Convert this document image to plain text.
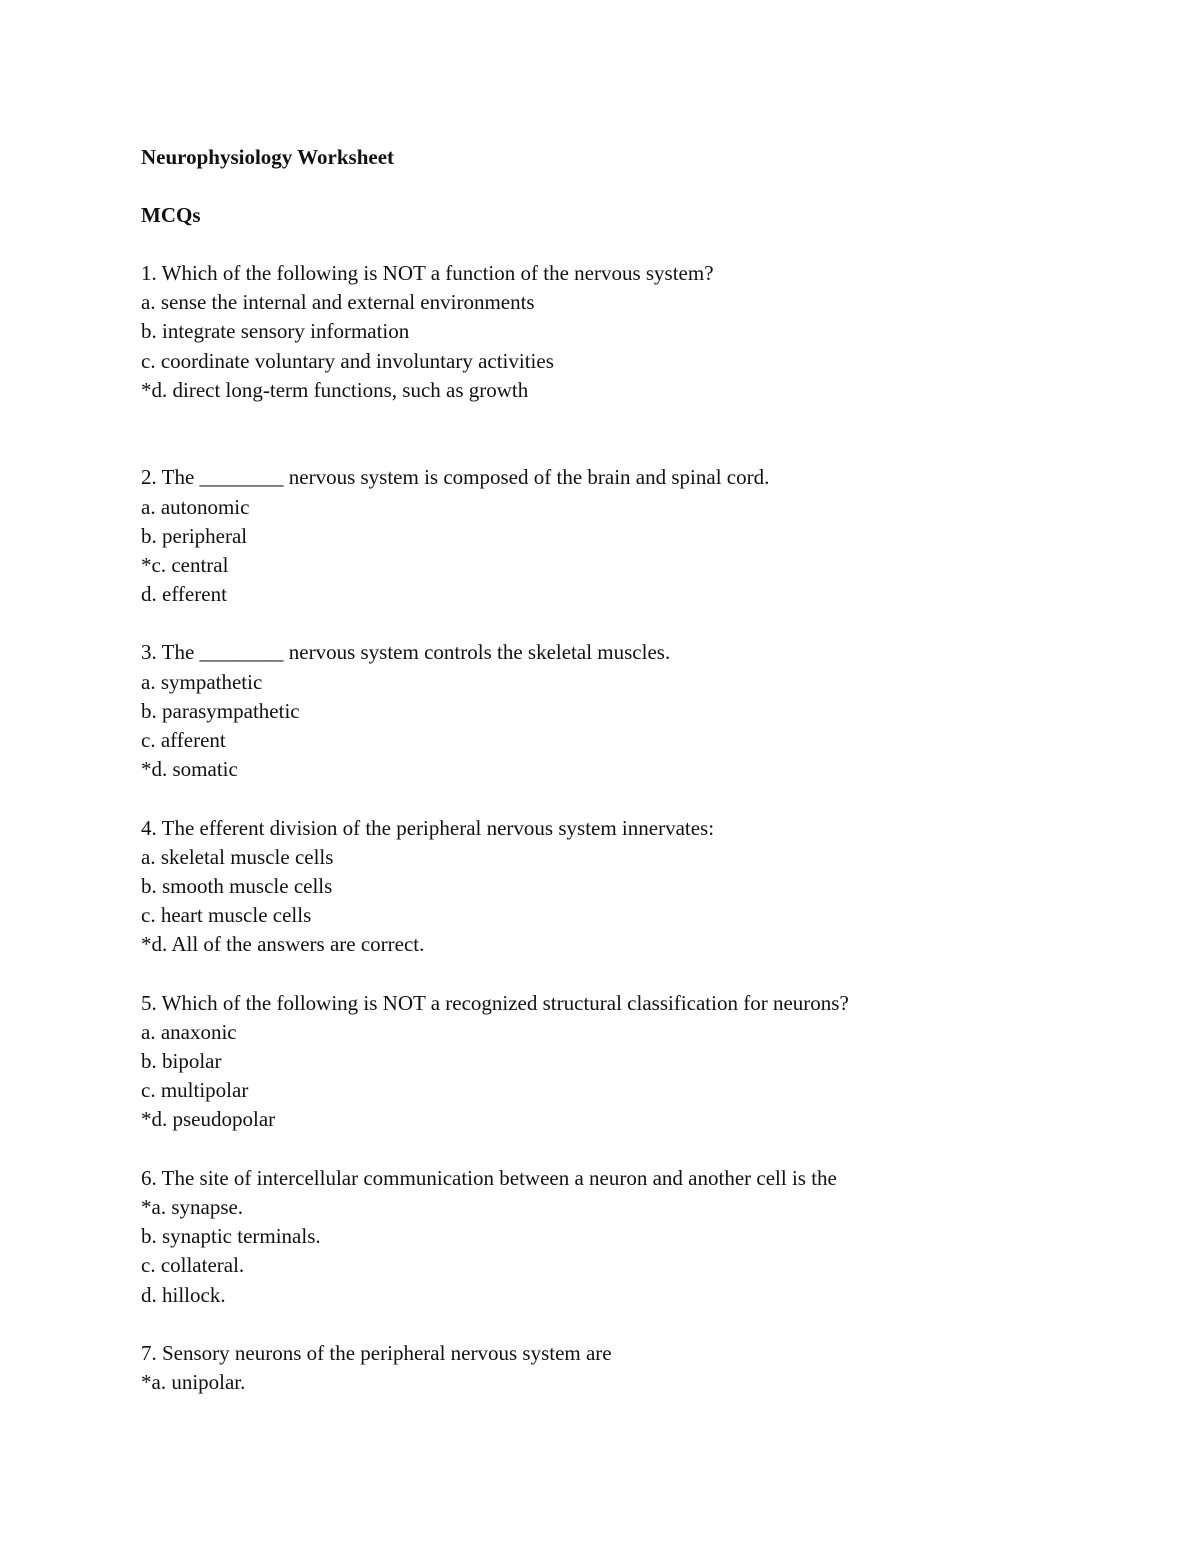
Neurophysiology Worksheet
MCQs
1. Which of the following is NOT a function of the nervous system?
a. sense the internal and external environments
b. integrate sensory information
c. coordinate voluntary and involuntary activities
*d. direct long-term functions, such as growth
2. The ________ nervous system is composed of the brain and spinal cord.
a. autonomic
b. peripheral
*c. central
d. efferent
3. The ________ nervous system controls the skeletal muscles.
a. sympathetic
b. parasympathetic
c. afferent
*d. somatic
4. The efferent division of the peripheral nervous system innervates:
a. skeletal muscle cells
b. smooth muscle cells
c. heart muscle cells
*d. All of the answers are correct.
5. Which of the following is NOT a recognized structural classification for neurons?
a. anaxonic
b. bipolar
c. multipolar
*d. pseudopolar
6. The site of intercellular communication between a neuron and another cell is the
*a. synapse.
b. synaptic terminals.
c. collateral.
d. hillock.
7. Sensory neurons of the peripheral nervous system are
*a. unipolar.
